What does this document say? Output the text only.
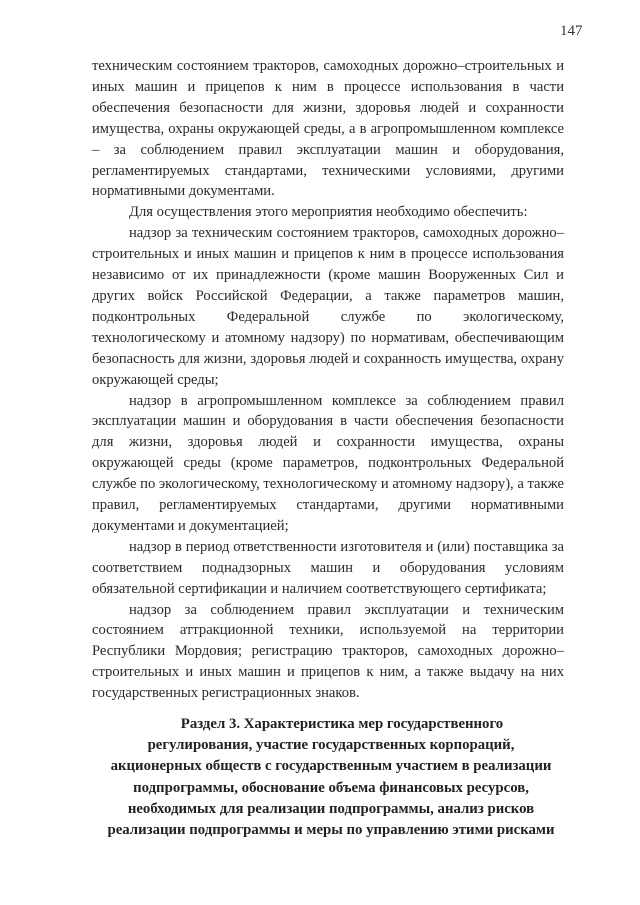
147

техническим состоянием тракторов, самоходных дорожно–строительных и иных машин и прицепов к ним в процессе использования в части обеспечения безопасности для жизни, здоровья людей и сохранности имущества, охраны окружающей среды, а в агропромышленном комплексе – за соблюдением правил эксплуатации машин и оборудования, регламентируемых стандартами, техническими условиями, другими нормативными документами.

Для осуществления этого мероприятия необходимо обеспечить:

надзор за техническим состоянием тракторов, самоходных дорожно–строительных и иных машин и прицепов к ним в процессе использования независимо от их принадлежности (кроме машин Вооруженных Сил и других войск Российской Федерации, а также параметров машин, подконтрольных Федеральной службе по экологическому, технологическому и атомному надзору) по нормативам, обеспечивающим безопасность для жизни, здоровья людей и сохранность имущества, охрану окружающей среды;

надзор в агропромышленном комплексе за соблюдением правил эксплуатации машин и оборудования в части обеспечения безопасности для жизни, здоровья людей и сохранности имущества, охраны окружающей среды (кроме параметров, подконтрольных Федеральной службе по экологическому, технологическому и атомному надзору), а также правил, регламентируемых стандартами, другими нормативными документами и документацией;

надзор в период ответственности изготовителя и (или) поставщика за соответствием поднадзорных машин и оборудования условиям обязательной сертификации и наличием соответствующего сертификата;

надзор за соблюдением правил эксплуатации и техническим состоянием аттракционной техники, используемой на территории Республики Мордовия; регистрацию тракторов, самоходных дорожно–строительных и иных машин и прицепов к ним, а также выдачу на них государственных регистрационных знаков.

Раздел 3. Характеристика мер государственного
регулирования, участие государственных корпораций,
акционерных обществ с государственным участием в реализации
подпрограммы, обоснование объема финансовых ресурсов,
необходимых для реализации подпрограммы, анализ рисков
реализации подпрограммы и меры по управлению этими рисками
